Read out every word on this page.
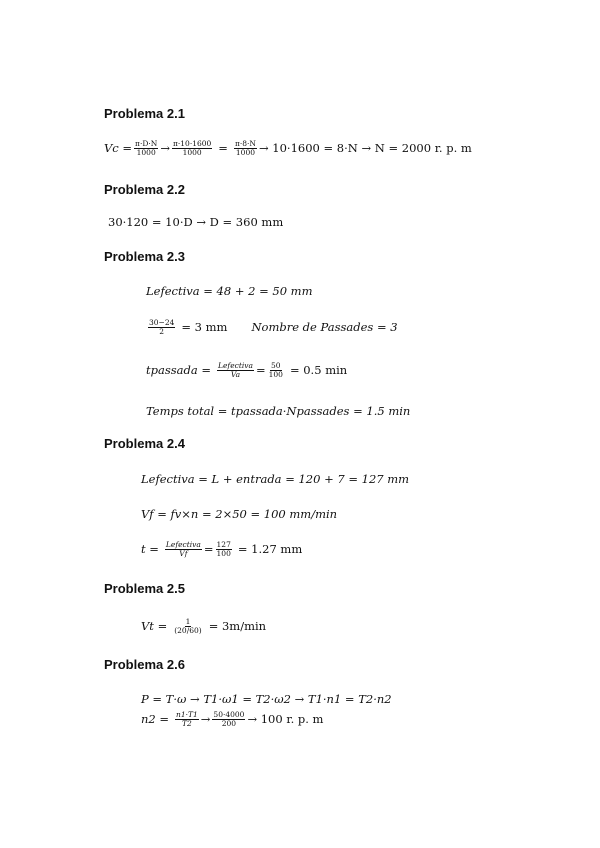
Problema 2.1
$Vc = \frac{\pi\cdot D\cdot N}{1000} \to \frac{\pi\cdot 10\cdot 1600}{1000} = \frac{\pi\cdot 8\cdot N}{1000} \to 10\cdot 1600 = 8\cdot N \to N = 2000$ r. p. m
Problema 2.2
30·120 = 10·D → D = 360 mm
Problema 2.3
Lefectiva = 48 + 2 = 50 mm
$\frac{30-24}{2} = 3$ mm Nombre de Passades = 3
tpassada = $\frac{\text{Lefectiva}}{Va} = \frac{50}{100} = 0.5$ min
Temps total = tpassada·Npassades = 1.5 min
Problema 2.4
Lefectiva = L + entrada = 120 + 7 = 127 mm
Vf = fv×n = 2×50 = 100 mm/min
$t = \frac{\text{Lefectiva}}{Vf} = \frac{127}{100} = 1.27$ mm
Problema 2.5
$Vt = \frac{1}{(20/60)} = 3m/\min$
Problema 2.6
P = T·ω → T1·ω1 = T2·ω2 → T1·n1 = T2·n2
$n2 = \frac{n1\cdot T1}{T2} \to \frac{50\cdot 4000}{200} \to 100$ r. p. m
